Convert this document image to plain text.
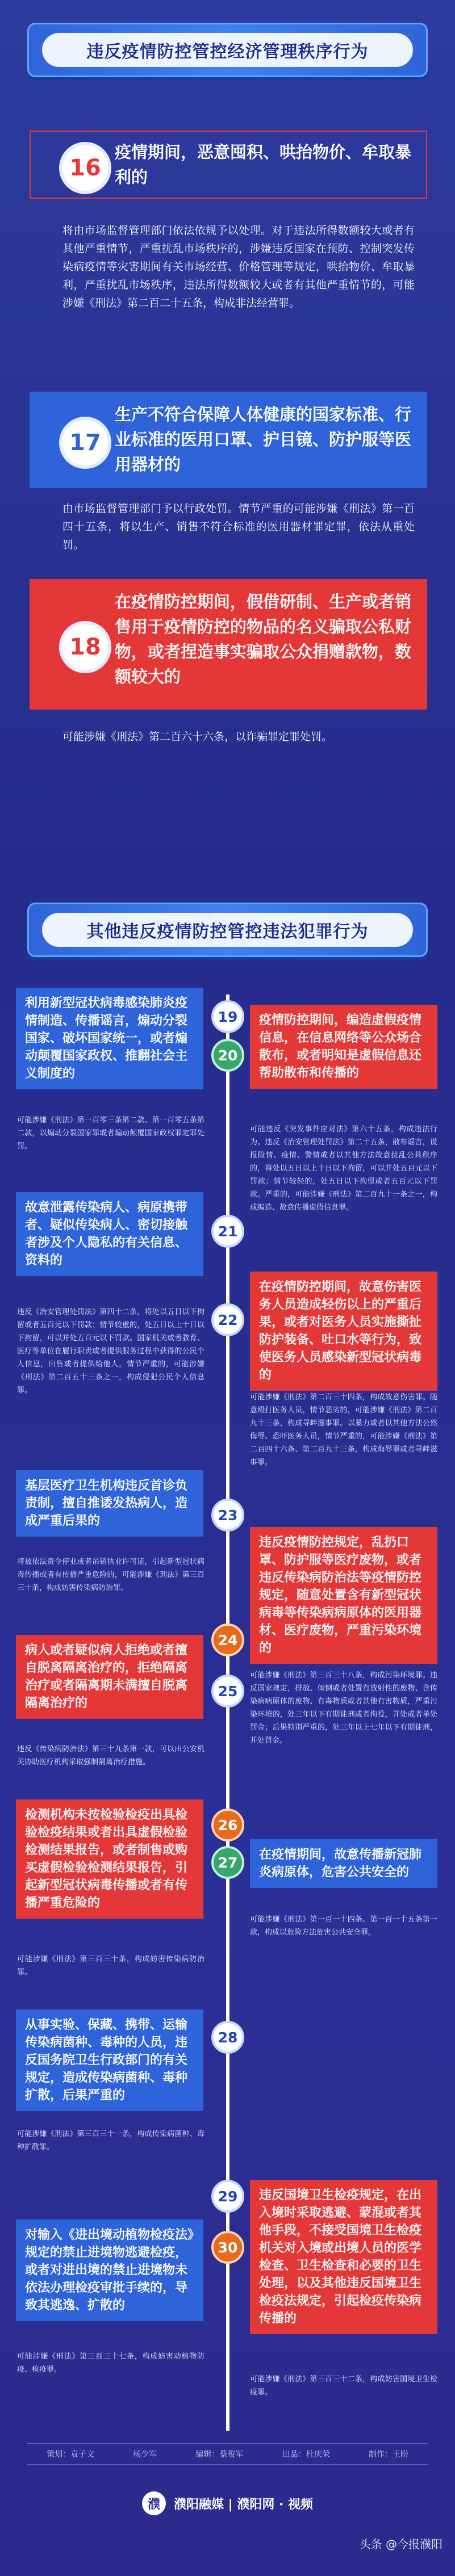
违反疫情防控管控经济管理秩序行为
16
疫情期间，恶意囤积、哄抬物价、牟取暴利的
将由市场监督管理部门依法依规予以处理。对于违法所得数额较大或者有其他严重情节，严重扰乱市场秩序的，涉嫌违反国家在预防、控制突发传染病疫情等灾害期间有关市场经营、价格管理等规定，哄抬物价、牟取暴利，严重扰乱市场秩序，违法所得数额较大或者有其他严重情节的，可能涉嫌《刑法》第二百二十五条，构成非法经营罪。
17
生产不符合保障人体健康的国家标准、行业标准的医用口罩、护目镜、防护服等医用器材的
由市场监督管理部门予以行政处罚。情节严重的可能涉嫌《刑法》第一百四十五条，将以生产、销售不符合标准的医用器材罪定罪，依法从重处罚。
18
在疫情防控期间，假借研制、生产或者销售用于疫情防控的物品的名义骗取公私财物，或者捏造事实骗取公众捐赠款物，数额较大的
可能涉嫌《刑法》第二百六十六条，以诈骗罪定罪处罚。
其他违反疫情防控管控违法犯罪行为
利用新型冠状病毒感染肺炎疫情制造、传播谣言，煽动分裂国家、破坏国家统一，或者煽动颠覆国家政权、推翻社会主义制度的
19
可能涉嫌《刑法》第一百零三条第二款、第一百零五条第二款，以煽动分裂国家罪或者煽动颠覆国家政权罪定罪处罚。
20
疫情防控期间，编造虚假疫情信息，在信息网络等公众场合散布，或者明知是虚假信息还帮助散布和传播的
可能违反《突发事件应对法》第六十五条，构成违法行为。违反《治安管理处罚法》第二十五条，散布谣言，谎报险情、疫情、警情或者以其他方法故意扰乱公共秩序的，将处以五日以上十日以下拘留，可以并处五百元以下罚款；情节较轻的，处五日以下拘留或者五百元以下罚款。严重的，可能涉嫌《刑法》第二百九十一条之一，构成编造、故意传播虚假信息罪。
故意泄露传染病人、病原携带者、疑似传染病人、密切接触者涉及个人隐私的有关信息、资料的
21
违反《治安管理处罚法》第四十二条，将处以五日以下拘留或者五百元以下罚款；情节较重的，处五日以上十日以下拘留，可以并处五百元以下罚款。国家机关或者教育、医疗等单位在履行职责或者提供服务过程中获得的公民个人信息，出售或者提供给他人，情节严重的，可能涉嫌《刑法》第二百五十三条之一，构成侵犯公民个人信息罪。
22
在疫情防控期间，故意伤害医务人员造成轻伤以上的严重后果，或者对医务人员实施撕扯防护装备、吐口水等行为，致使医务人员感染新型冠状病毒的
可能涉嫌《刑法》第二百三十四条，构成故意伤害罪。随意殴打医务人员，情节恶劣的，可能涉嫌《刑法》第二百九十三条，构成寻衅滋事罪。以暴力或者以其他方法公然侮辱、恐吓医务人员，情节严重的，可能涉嫌《刑法》第二百四十六条、第二百九十三条，构成侮辱罪或者寻衅滋事罪。
基层医疗卫生机构违反首诊负责制，擅自推诿发热病人，造成严重后果的	23
将被依法责令停业或者吊销执业许可证，引起新型冠状病毒传播或者有传播严重危险的，可能涉嫌《刑法》第三百三十条，构成妨害传染病防治罪。
24
违反疫情防控规定，乱扔口罩、防护服等医疗废物，或者违反传染病防治法等疫情防控规定，随意处置含有新型冠状病毒等传染病病原体的医用器材、医疗废物，严重污染环境的
可能涉嫌《刑法》第三百三十八条，构成污染环境罪。违反国家规定，排放、倾倒或者处置有放射性的废物、含传染病病原体的废物、有毒物质或者其他有害物质，严重污染环境的，处三年以下有期徒刑或者拘役，并处或者单处罚金；后果特别严重的，处三年以上七年以下有期徒刑，并处罚金。
病人或者疑似病人拒绝或者擅自脱离隔离治疗的，拒绝隔离治疗或者隔离期未满擅自脱离隔离治疗的
25
违反《传染病防治法》第三十九条第一款，可以由公安机关协助医疗机构采取强制隔离治疗措施。
26
在疫情期间，故意传播新冠肺炎病原体，危害公共安全的
可能涉嫌《刑法》第一百一十四条、第一百一十五条第一款，构成以危险方法危害公共安全罪。
检测机构未按检验检疫出具检验检疫结果或者出具虚假检验检测结果报告，或者制售或购买虚假检验检测结果报告，引起新型冠状病毒传播或者有传播严重危险的
27
可能涉嫌《刑法》第三百三十条，构成妨害传染病防治罪。
从事实验、保藏、携带、运输传染病菌种、毒种的人员，违反国务院卫生行政部门的有关规定，造成传染病菌种、毒种扩散，后果严重的
28
可能涉嫌《刑法》第三百三十一条，构成传染病菌种、毒种扩散罪。
29	违反国境卫生检疫规定，在出入境时采取逃避、蒙混或者其他手段，不接受国境卫生检疫机关对入境或出境人员的医学检查、卫生检查和必要的卫生处理，以及其他违反国境卫生检疫法规定，引起检疫传染病传播的
可能涉嫌《刑法》第三百三十二条，构成妨害国境卫生检疫罪。
对输入《进出境动植物检疫法》规定的禁止进境物逃避检疫，或者对进出境的禁止进境物未依法办理检疫审批手续的，导致其逃逸、扩散的
30
可能涉嫌《刑法》第三百三十七条，构成妨害动植物防疫、检疫罪。
策划：袁子文	杨少军	编辑：蔡俊军	出品：杜庆荣	制作：王盼
濮	濮阳融媒 | 濮阳网 · 视频
头条 @今报濮阳
